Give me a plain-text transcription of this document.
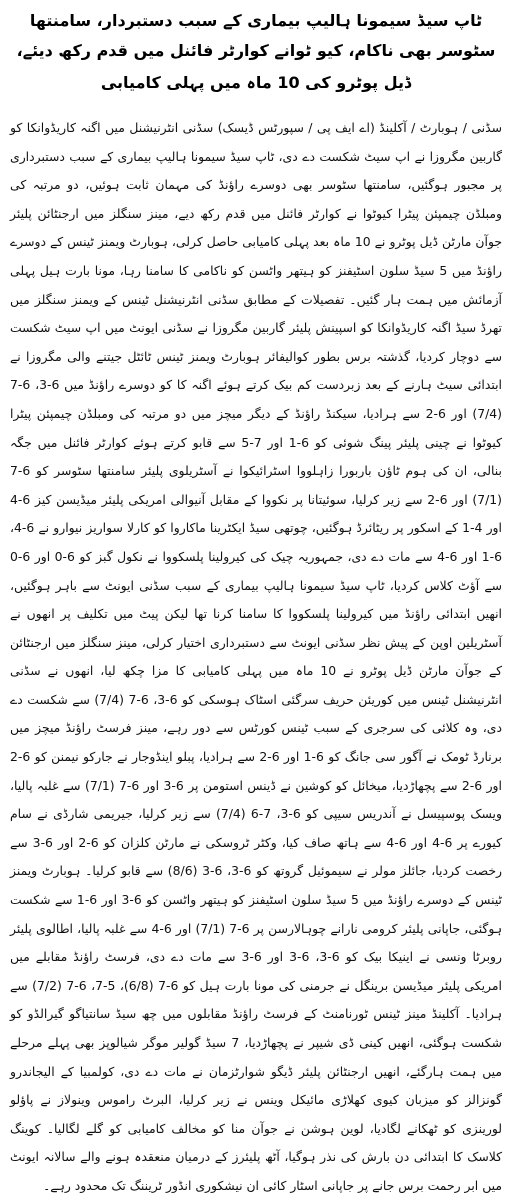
ٹاپ سیڈ سیمونا ہالیپ بیماری کے سبب دستبردار، سامنتھا سٹوسر بھی ناکام، کیو ٹوانے کوارٹر فائنل میں قدم رکھ دیئے،
ڈیل پوٹرو کی 10 ماہ میں پہلی کامیابی

سڈنی / ہوبارٹ / آکلینڈ (اے ایف پی / سپورٹس ڈیسک) سڈنی انٹرنیشنل میں اگنہ کاریڈوانکا کو گاربین مگروزا نے اپ سیٹ شکست دے دی، ٹاپ سیڈ سیمونا ہالیپ بیماری کے سبب دستبرداری پر مجبور ہوگئیں، سامنتھا سٹوسر بھی دوسرے راؤنڈ کی مہمان ثابت ہوئیں، دو مرتبہ کی ومبلڈن چیمپئن پیٹرا کیوٹوا نے کوارٹر فائنل میں قدم رکھ دیے، مینز سنگلز میں ارجنٹائن پلیئر جوآن مارٹن ڈیل پوٹرو نے 10 ماہ بعد پہلی کامیابی حاصل کرلی، ہوبارٹ ویمنز ٹینس کے دوسرے راؤنڈ میں 5 سیڈ سلون اسٹیفنز کو ہیتھر واٹسن کو ناکامی کا سامنا رہا، مونا بارت ہیل پہلی آزمائش میں ہمت ہار گئیں۔ تفصیلات کے مطابق سڈنی انٹرنیشنل ٹینس کے ویمنز سنگلز میں تھرڈ سیڈ اگنہ کاریڈوانکا کو اسپینش پلیئر گاربین مگروزا نے سڈنی ایونٹ میں اپ سیٹ شکست سے دوچار کردیا، گذشتہ برس بطور کوالیفائر ہوبارٹ ویمنز ٹینس ٹائٹل جیتنے والی مگروزا نے ابتدائی سیٹ ہارنے کے بعد زبردست کم بیک کرتے ہوئے اگنہ کا کو دوسرے راؤنڈ میں 6-3، 6-7 (7/4) اور 6-2 سے ہرادیا، سیکنڈ راؤنڈ کے دیگر میچز میں دو مرتبہ کی ومبلڈن چیمپئن پیٹرا کیوٹوا نے چینی پلیئر پینگ شوئی کو 6-1 اور 7-5 سے قابو کرتے ہوئے کوارٹر فائنل میں جگہ بنالی، ان کی ہوم ٹاؤن باربورا زاہلووا اسٹرائیکوا نے آسٹریلوی پلیئر سامنتھا سٹوسر کو 6-7 (7/1) اور 6-2 سے زیر کرلیا، سوئیتانا پر نکووا کے مقابل آنیوالی امریکی پلیئر میڈیسن کیز 6-4 اور 4-1 کے اسکور پر ریٹائرڈ ہوگئیں، چوتھی سیڈ ایکٹرینا ماکاروا کو کارلا سواریز نیوارو نے 6-4، 6-1 اور 6-4 سے مات دے دی، جمہوریہ چیک کی کیرولینا پلسکووا نے نکول گبز کو 6-0 اور 6-0 سے آؤٹ کلاس کردیا، ٹاپ سیڈ سیمونا ہالیپ بیماری کے سبب سڈنی ایونٹ سے باہر ہوگئیں، انھیں ابتدائی راؤنڈ میں کیرولینا پلسکووا کا سامنا کرنا تھا لیکن پیٹ میں تکلیف پر انھوں نے آسٹریلین اوپن کے پیش نظر سڈنی ایونٹ سے دستبرداری اختیار کرلی، مینز سنگلز میں ارجنٹائن کے جوآن مارٹن ڈیل پوٹرو نے 10 ماہ میں پہلی کامیابی کا مزا چکھ لیا، انھوں نے سڈنی انٹرنیشنل ٹینس میں کوریئن حریف سرگئی اسٹاک ہوسکی کو 6-3، 6-7 (7/4) سے شکست دے دی، وہ کلائی کی سرجری کے سبب ٹینس کورٹس سے دور رہے، مینز فرسٹ راؤنڈ میچز میں برنارڈ ٹومک نے آگور سی جانگ کو 6-1 اور 6-2 سے ہرادیا، پبلو اینڈوجار نے جارکو نیمنن کو 6-2 اور 6-2 سے پچھاڑدیا، میخائل کو کوشین نے ڈینس استومن پر 6-3 اور 6-7 (7/1) سے غلبہ پالیا، ویسک پوسپیسل نے آندریس سیپی کو 6-3، 7-6 (7/4) سے زیر کرلیا، جیریمی شارڈی نے سام کیورے پر 6-4 اور 6-4 سے ہاتھ صاف کیا، وکٹر ٹروسکی نے مارٹن کلزان کو 6-2 اور 6-3 سے رخصت کردیا، جائلز مولر نے سیموئیل گروتھ کو 6-3، 6-3 (8/6) سے قابو کرلیا۔ ہوبارٹ ویمنز ٹینس کے دوسرے راؤنڈ میں 5 سیڈ سلون اسٹیفنز کو ہیتھر واٹسن کو 6-3 اور 6-1 سے شکست ہوگئی، جاپانی پلیئر کرومی نارانے چوہالارسن پر 6-7 (7/1) اور 6-4 سے غلبہ پالیا، اطالوی پلیئر روبرٹا ونسی نے اینیکا بیک کو 6-3، 6-3 اور 6-3 سے مات دے دی، فرسٹ راؤنڈ مقابلے میں امریکی پلیئر میڈیسن برینگل نے جرمنی کی مونا بارت ہیل کو 6-7 (6/8)، 5-7، 6-7 (7/2) سے ہرادیا۔ آکلینڈ مینز ٹینس ٹورنامنٹ کے فرسٹ راؤنڈ مقابلوں میں چھ سیڈ سانتیاگو گیرالڈو کو شکست ہوگئی، انھیں کینی ڈی شیپر نے پچھاڑدیا، 7 سیڈ گولیر موگر شیالوپز بھی پہلے مرحلے میں ہمت ہارگئے، انھیں ارجنٹائن پلیئر ڈیگو شوارٹزمان نے مات دے دی، کولمبیا کے الیجاندرو گونزالز کو میزبان کیوی کھلاڑی مائیکل وینس نے زیر کرلیا، البرٹ راموس وینولاز نے پاؤلو لورینزی کو ٹھکانے لگادیا، لوین ہوشن نے جوآن منا کو مخالف کامیابی کو گلے لگالیا۔ کوینگ کلاسک کا ابتدائی دن بارش کی نذر ہوگیا، آٹھ پلیئرز کے درمیان منعقدہ ہونے والے سالانہ ایونٹ میں ابر رحمت برس جانے پر جاپانی اسٹار کائی ان نیشکوری انڈور ٹریننگ تک محدود رہے۔
